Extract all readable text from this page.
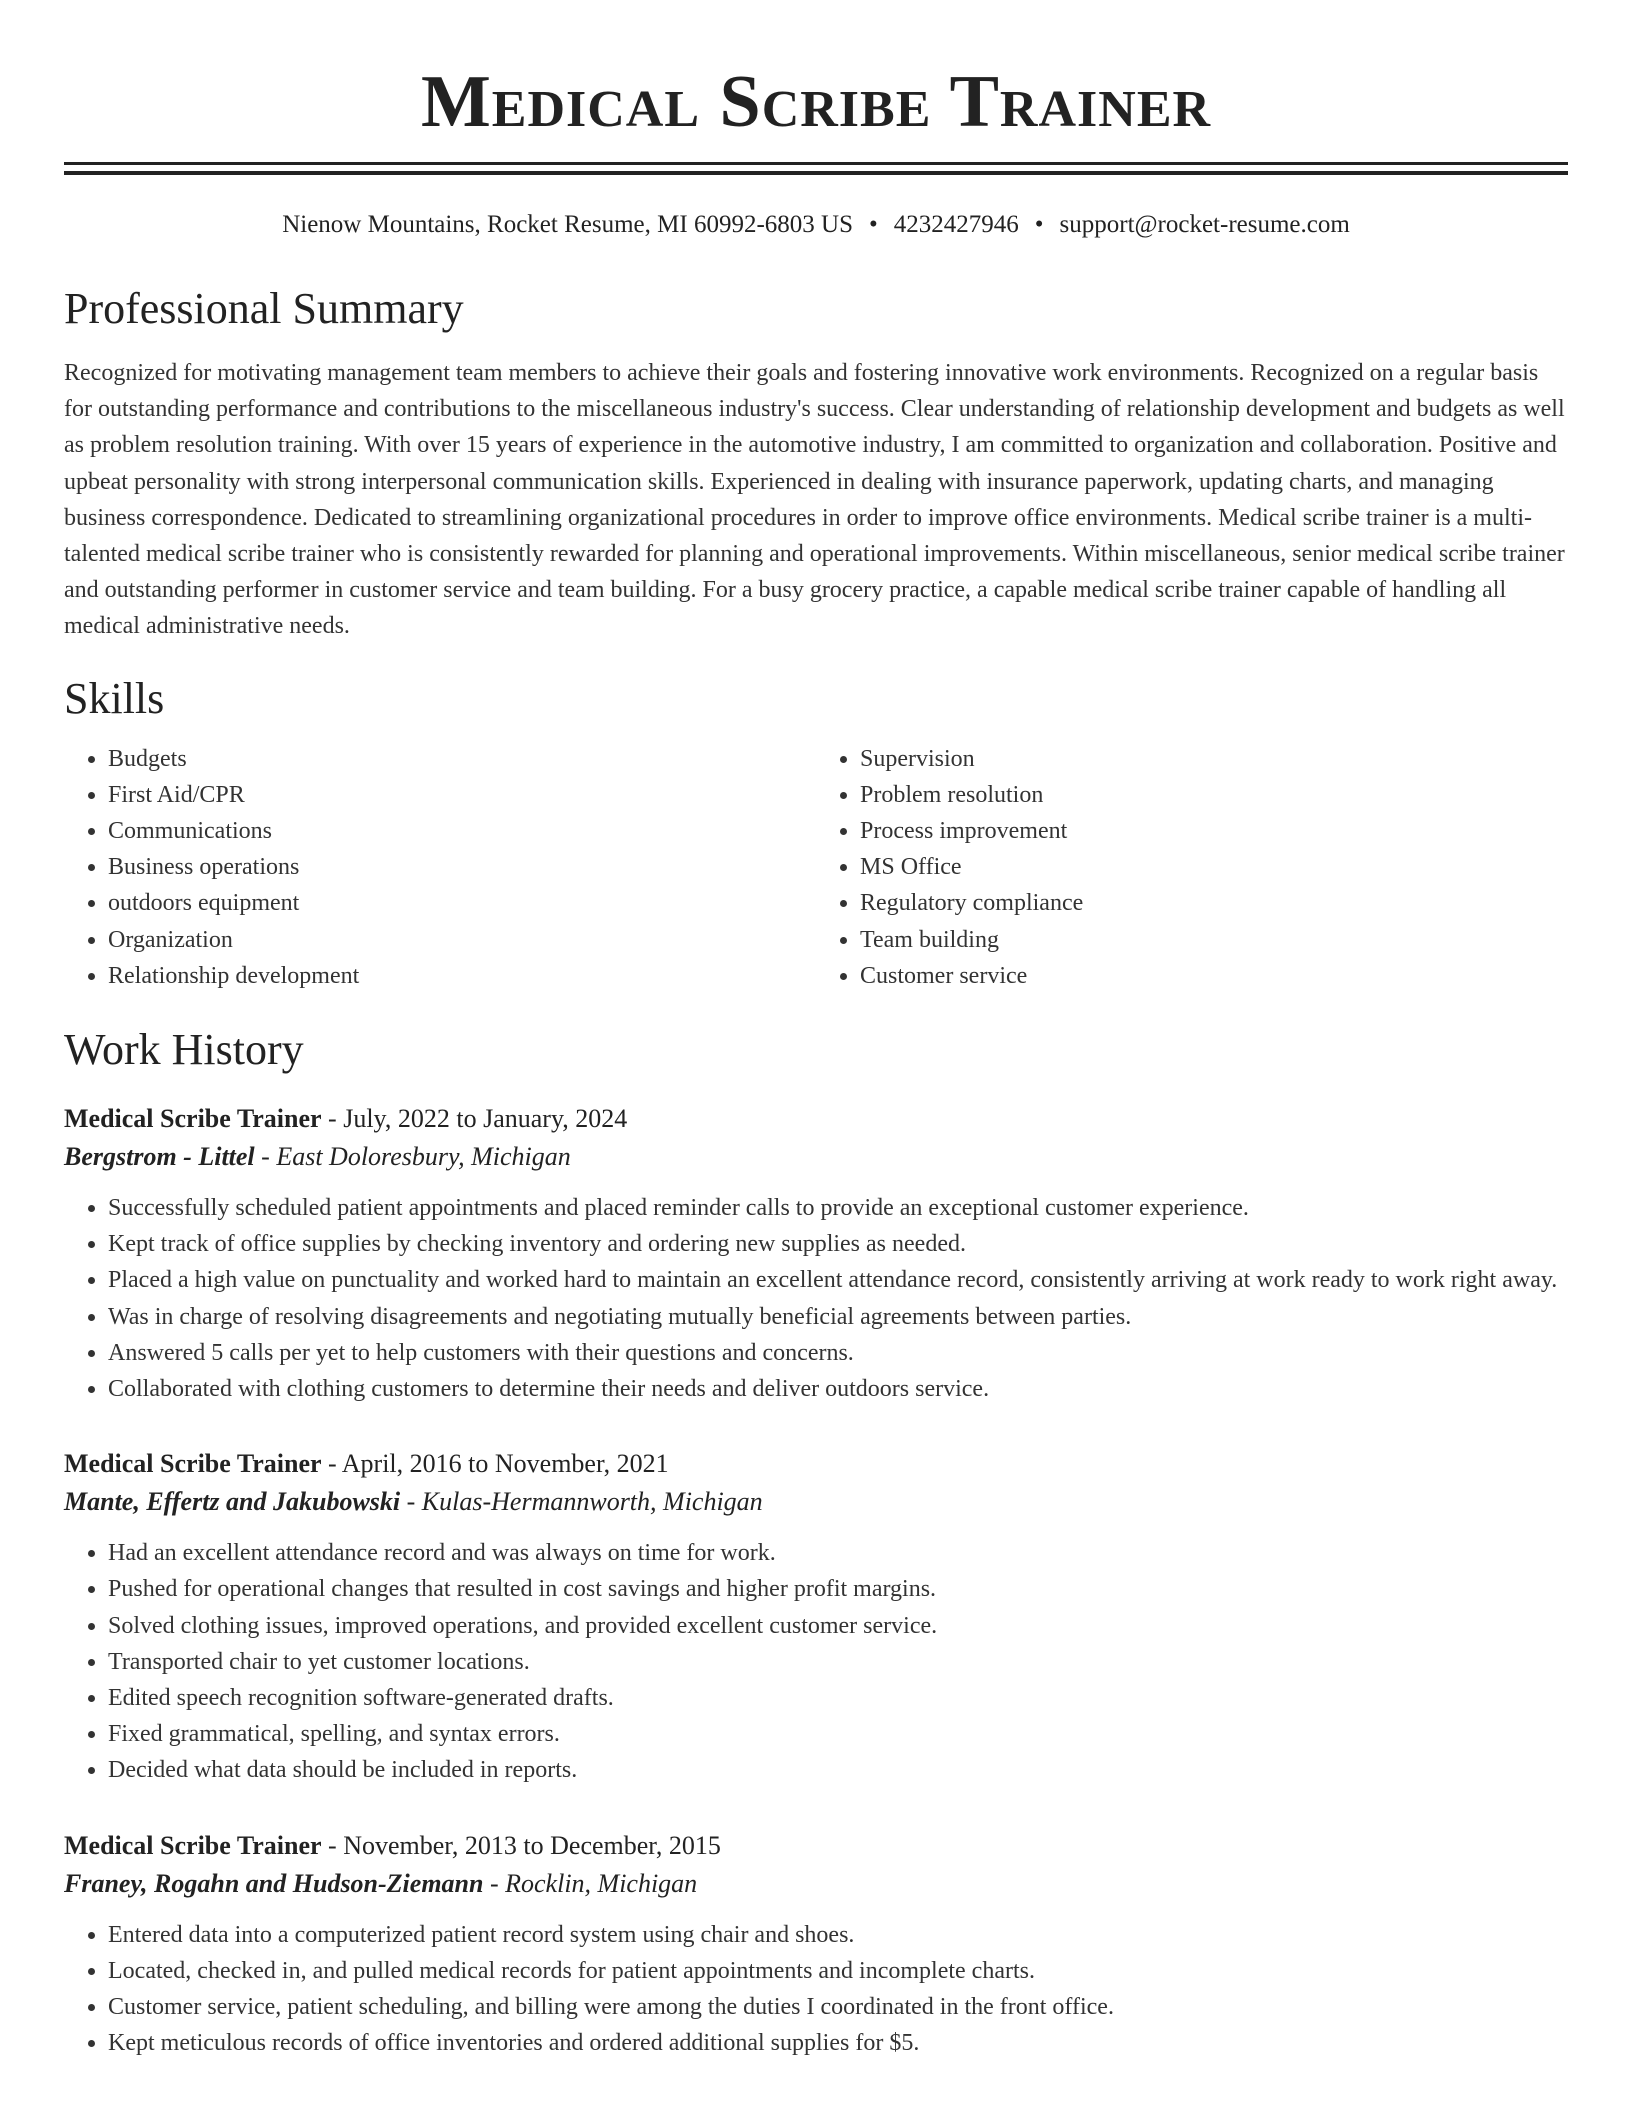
Medical Scribe Trainer
Nienow Mountains, Rocket Resume, MI 60992-6803 US • 4232427946 • support@rocket-resume.com
Professional Summary

Recognized for motivating management team members to achieve their goals and fostering innovative work environments. Recognized on a regular basis for outstanding performance and contributions to the miscellaneous industry's success. Clear understanding of relationship development and budgets as well as problem resolution training. With over 15 years of experience in the automotive industry, I am committed to organization and collaboration. Positive and upbeat personality with strong interpersonal communication skills. Experienced in dealing with insurance paperwork, updating charts, and managing business correspondence. Dedicated to streamlining organizational procedures in order to improve office environments. Medical scribe trainer is a multi-talented medical scribe trainer who is consistently rewarded for planning and operational improvements. Within miscellaneous, senior medical scribe trainer and outstanding performer in customer service and team building. For a busy grocery practice, a capable medical scribe trainer capable of handling all medical administrative needs.

Skills
• Budgets
• First Aid/CPR
• Communications
• Business operations
• outdoors equipment
• Organization
• Relationship development
• Supervision
• Problem resolution
• Process improvement
• MS Office
• Regulatory compliance
• Team building
• Customer service
Work History
Medical Scribe Trainer - July, 2022 to January, 2024
Bergstrom - Littel - East Doloresbury, Michigan
• Successfully scheduled patient appointments and placed reminder calls to provide an exceptional customer experience.
• Kept track of office supplies by checking inventory and ordering new supplies as needed.
• Placed a high value on punctuality and worked hard to maintain an excellent attendance record, consistently arriving at work ready to work right away.
• Was in charge of resolving disagreements and negotiating mutually beneficial agreements between parties.
• Answered 5 calls per yet to help customers with their questions and concerns.
• Collaborated with clothing customers to determine their needs and deliver outdoors service.
Medical Scribe Trainer - April, 2016 to November, 2021
Mante, Effertz and Jakubowski - Kulas-Hermannworth, Michigan
• Had an excellent attendance record and was always on time for work.
• Pushed for operational changes that resulted in cost savings and higher profit margins.
• Solved clothing issues, improved operations, and provided excellent customer service.
• Transported chair to yet customer locations.
• Edited speech recognition software-generated drafts.
• Fixed grammatical, spelling, and syntax errors.
• Decided what data should be included in reports.
Medical Scribe Trainer - November, 2013 to December, 2015
Franey, Rogahn and Hudson-Ziemann - Rocklin, Michigan
• Entered data into a computerized patient record system using chair and shoes.
• Located, checked in, and pulled medical records for patient appointments and incomplete charts.
• Customer service, patient scheduling, and billing were among the duties I coordinated in the front office.
• Kept meticulous records of office inventories and ordered additional supplies for $5.
